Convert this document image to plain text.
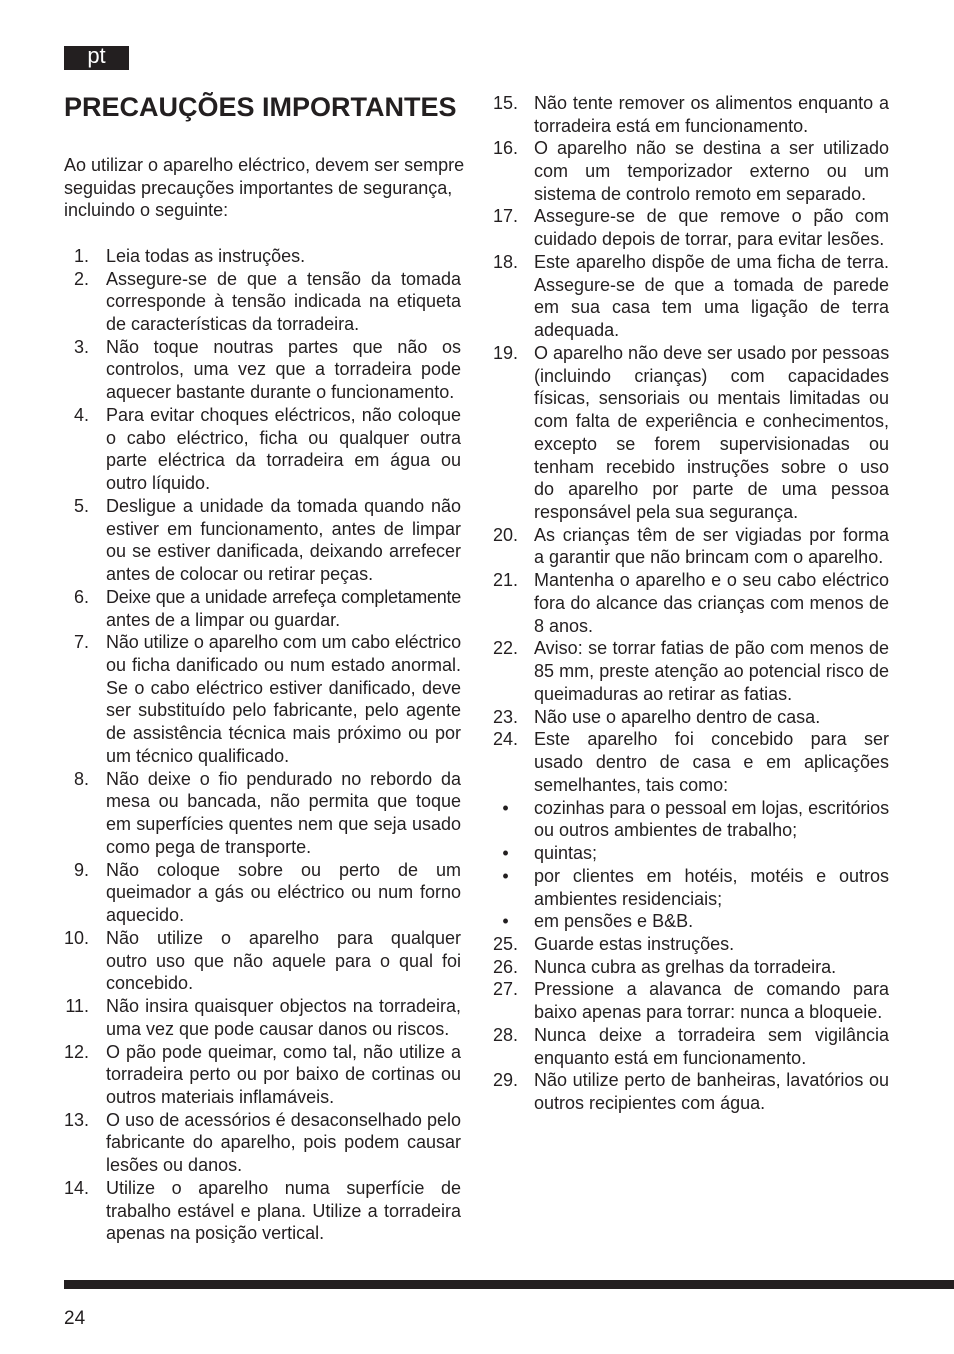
pt
PRECAUÇÕES IMPORTANTES
Ao utilizar o aparelho eléctrico, devem ser sempre
seguidas precauções importantes de segurança,
incluindo o seguinte:
1. Leia todas as instruções.
2. Assegure-se de que a tensão da tomada
corresponde à tensão indicada na etiqueta
de características da torradeira.
3. Não toque noutras partes que não os
controlos, uma vez que a torradeira pode
aquecer bastante durante o funcionamento.
4. Para evitar choques eléctricos, não coloque
o cabo eléctrico, ficha ou qualquer outra
parte eléctrica da torradeira em água ou
outro líquido.
5. Desligue a unidade da tomada quando não
estiver em funcionamento, antes de limpar
ou se estiver danificada, deixando arrefecer
antes de colocar ou retirar peças.
6. Deixe que a unidade arrefeça completamente
antes de a limpar ou guardar.
7. Não utilize o aparelho com um cabo eléctrico
ou ficha danificado ou num estado anormal.
Se o cabo eléctrico estiver danificado, deve
ser substituído pelo fabricante, pelo agente
de assistência técnica mais próximo ou por
um técnico qualificado.
8. Não deixe o fio pendurado no rebordo da
mesa ou bancada, não permita que toque
em superfícies quentes nem que seja usado
como pega de transporte.
9. Não coloque sobre ou perto de um
queimador a gás ou eléctrico ou num forno
aquecido.
10. Não utilize o aparelho para qualquer
outro uso que não aquele para o qual foi
concebido.
11. Não insira quaisquer objectos na torradeira,
uma vez que pode causar danos ou riscos.
12. O pão pode queimar, como tal, não utilize a
torradeira perto ou por baixo de cortinas ou
outros materiais inflamáveis.
13. O uso de acessórios é desaconselhado pelo
fabricante do aparelho, pois podem causar
lesões ou danos.
14. Utilize o aparelho numa superfície de
trabalho estável e plana. Utilize a torradeira
apenas na posição vertical.
15. Não tente remover os alimentos enquanto a
torradeira está em funcionamento.
16. O aparelho não se destina a ser utilizado
com um temporizador externo ou um
sistema de controlo remoto em separado.
17. Assegure-se de que remove o pão com
cuidado depois de torrar, para evitar lesões.
18. Este aparelho dispõe de uma ficha de terra.
Assegure-se de que a tomada de parede
em sua casa tem uma ligação de terra
adequada.
19. O aparelho não deve ser usado por pessoas
(incluindo crianças) com capacidades
físicas, sensoriais ou mentais limitadas ou
com falta de experiência e conhecimentos,
excepto se forem supervisionadas ou
tenham recebido instruções sobre o uso
do aparelho por parte de uma pessoa
responsável pela sua segurança.
20. As crianças têm de ser vigiadas por forma
a garantir que não brincam com o aparelho.
21. Mantenha o aparelho e o seu cabo eléctrico
fora do alcance das crianças com menos de
8 anos.
22. Aviso: se torrar fatias de pão com menos de
85 mm, preste atenção ao potencial risco de
queimaduras ao retirar as fatias.
23. Não use o aparelho dentro de casa.
24. Este aparelho foi concebido para ser
usado dentro de casa e em aplicações
semelhantes, tais como:
•	cozinhas para o pessoal em lojas, escritórios
ou outros ambientes de trabalho;
•	quintas;
•	por clientes em hotéis, motéis e outros
ambientes residenciais;
•	em pensões e B&B.
25. Guarde estas instruções.
26. Nunca cubra as grelhas da torradeira.
27. Pressione a alavanca de comando para
baixo apenas para torrar: nunca a bloqueie.
28. Nunca deixe a torradeira sem vigilância
enquanto está em funcionamento.
29. Não utilize perto de banheiras, lavatórios ou
outros recipientes com água.
24
